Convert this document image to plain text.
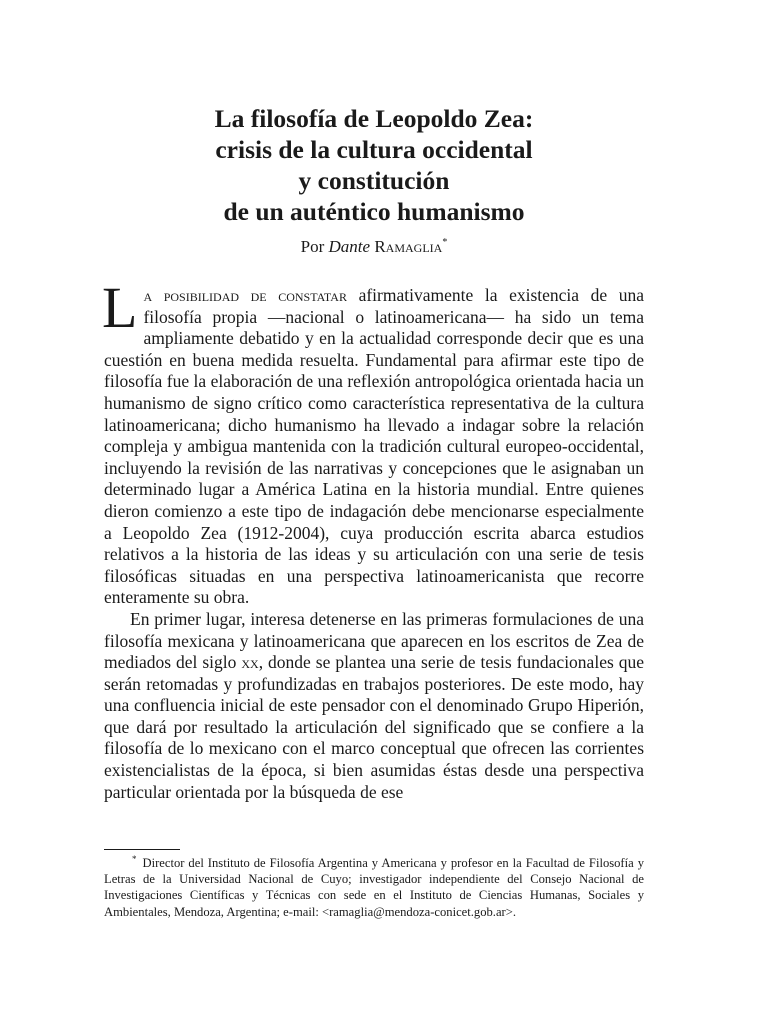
La filosofía de Leopoldo Zea:
crisis de la cultura occidental
y constitución
de un auténtico humanismo
Por Dante Ramaglia*

La posibilidad de constatar afirmativamente la existencia de una filosofía propia —nacional o latinoamericana— ha sido un tema ampliamente debatido y en la actualidad corresponde decir que es una cuestión en buena medida resuelta. Fundamental para afirmar este tipo de filosofía fue la elaboración de una reflexión antropológica orientada hacia un humanismo de signo crítico como característica representativa de la cultura latinoamericana; dicho humanismo ha llevado a indagar sobre la relación compleja y ambigua mantenida con la tradición cultural europeo-occidental, incluyendo la revisión de las narrativas y concepciones que le asignaban un determinado lugar a América Latina en la historia mundial. Entre quienes dieron comienzo a este tipo de indagación debe mencionarse especialmente a Leopoldo Zea (1912-2004), cuya producción escrita abarca estudios relativos a la historia de las ideas y su articulación con una serie de tesis filosóficas situadas en una perspectiva latinoamericanista que recorre enteramente su obra.

En primer lugar, interesa detenerse en las primeras formulaciones de una filosofía mexicana y latinoamericana que aparecen en los escritos de Zea de mediados del siglo xx, donde se plantea una serie de tesis fundacionales que serán retomadas y profundizadas en trabajos posteriores. De este modo, hay una confluencia inicial de este pensador con el denominado Grupo Hiperión, que dará por resultado la articulación del significado que se confiere a la filosofía de lo mexicano con el marco conceptual que ofrecen las corrientes existencialistas de la época, si bien asumidas éstas desde una perspectiva particular orientada por la búsqueda de ese

* Director del Instituto de Filosofía Argentina y Americana y profesor en la Facultad de Filosofía y Letras de la Universidad Nacional de Cuyo; investigador independiente del Consejo Nacional de Investigaciones Científicas y Técnicas con sede en el Instituto de Ciencias Humanas, Sociales y Ambientales, Mendoza, Argentina; e-mail: <ramaglia@mendoza-conicet.gob.ar>.
